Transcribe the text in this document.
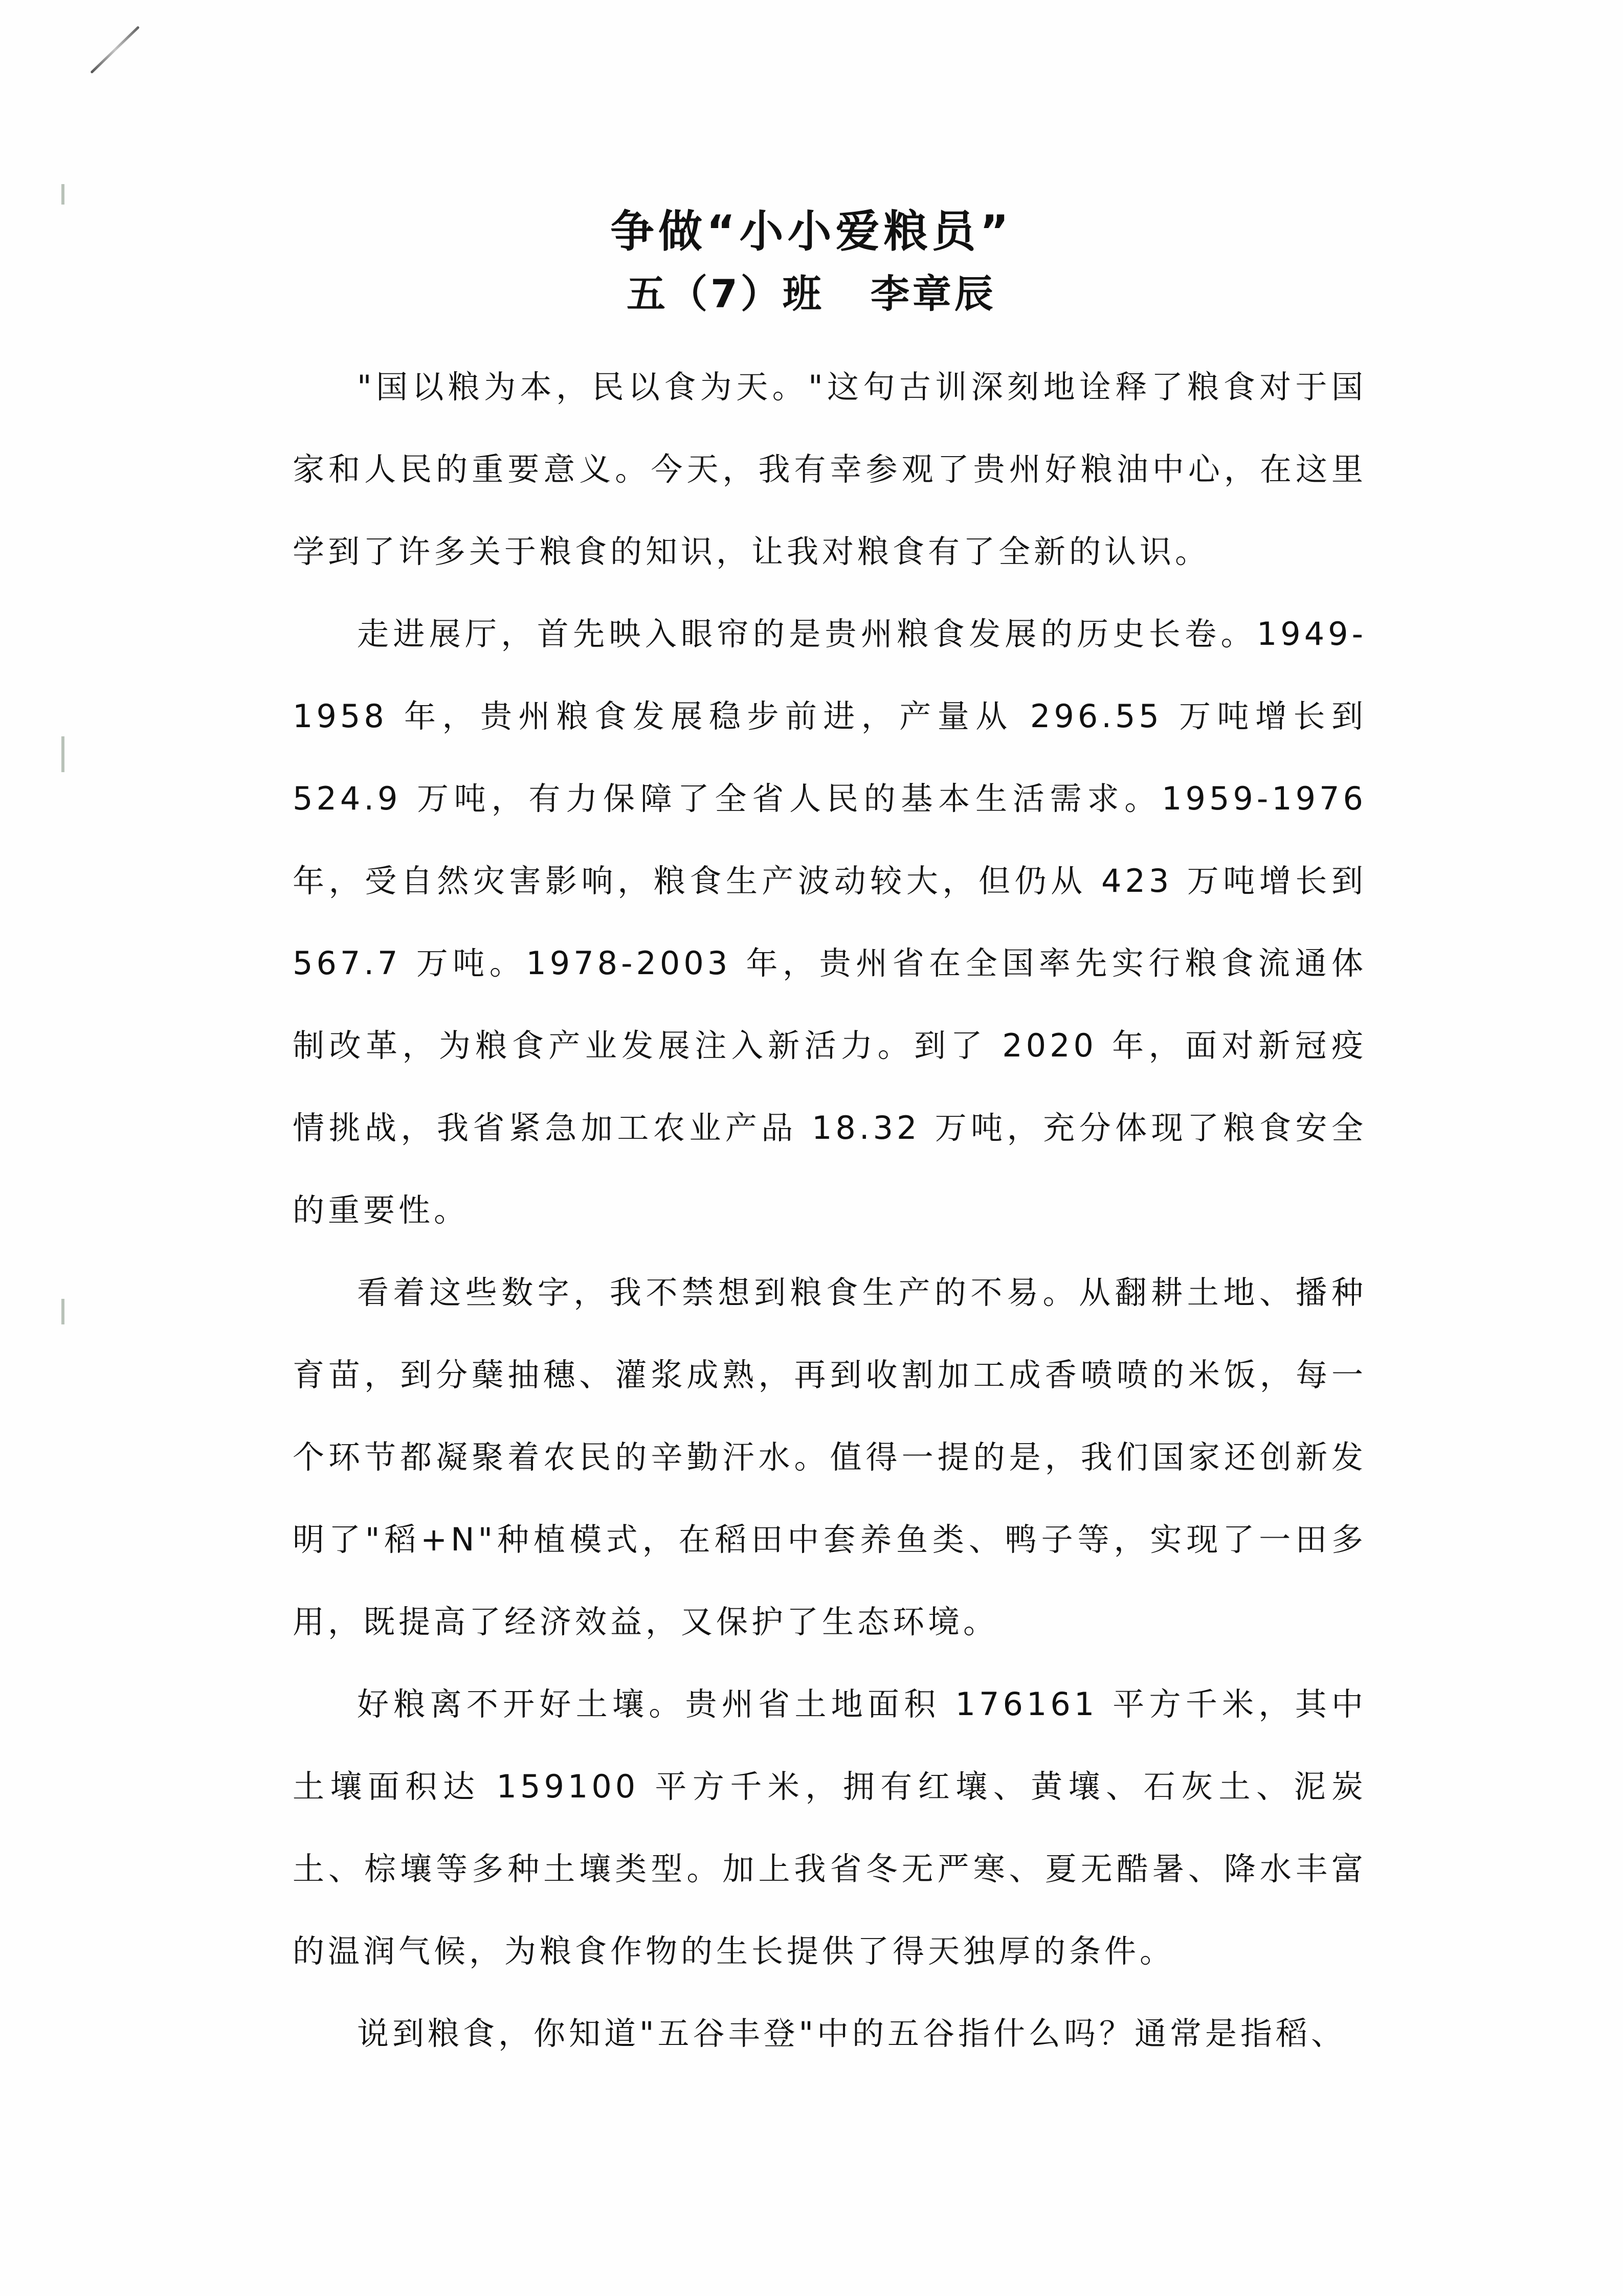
争做“小小爱粮员”
五（7）班 李章辰

"国以粮为本，民以食为天。"这句古训深刻地诠释了粮食对于国家和人民的重要意义。今天，我有幸参观了贵州好粮油中心，在这里学到了许多关于粮食的知识，让我对粮食有了全新的认识。

走进展厅，首先映入眼帘的是贵州粮食发展的历史长卷。1949-1958 年，贵州粮食发展稳步前进，产量从 296.55 万吨增长到 524.9 万吨，有力保障了全省人民的基本生活需求。1959-1976 年，受自然灾害影响，粮食生产波动较大，但仍从 423 万吨增长到 567.7 万吨。1978-2003 年，贵州省在全国率先实行粮食流通体制改革，为粮食产业发展注入新活力。到了 2020 年，面对新冠疫情挑战，我省紧急加工农业产品 18.32 万吨，充分体现了粮食安全的重要性。

看着这些数字，我不禁想到粮食生产的不易。从翻耕土地、播种育苗，到分蘖抽穗、灌浆成熟，再到收割加工成香喷喷的米饭，每一个环节都凝聚着农民的辛勤汗水。值得一提的是，我们国家还创新发明了"稻+N"种植模式，在稻田中套养鱼类、鸭子等，实现了一田多用，既提高了经济效益，又保护了生态环境。

好粮离不开好土壤。贵州省土地面积 176161 平方千米，其中土壤面积达 159100 平方千米，拥有红壤、黄壤、石灰土、泥炭土、棕壤等多种土壤类型。加上我省冬无严寒、夏无酷暑、降水丰富的温润气候，为粮食作物的生长提供了得天独厚的条件。

说到粮食，你知道"五谷丰登"中的五谷指什么吗？通常是指稻、
